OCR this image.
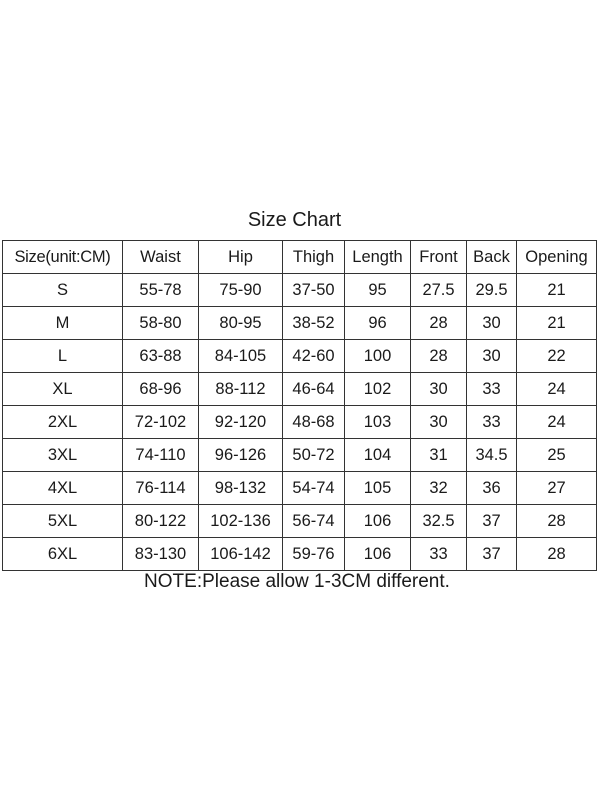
Size Chart
Size(unit:CM)	Waist	Hip	Thigh	Length	Front	Back	Opening
S	55-78	75-90	37-50	95	27.5	29.5	21
M	58-80	80-95	38-52	96	28	30	21
L	63-88	84-105	42-60	100	28	30	22
XL	68-96	88-112	46-64	102	30	33	24
2XL	72-102	92-120	48-68	103	30	33	24
3XL	74-110	96-126	50-72	104	31	34.5	25
4XL	76-114	98-132	54-74	105	32	36	27
5XL	80-122	102-136	56-74	106	32.5	37	28
6XL	83-130	106-142	59-76	106	33	37	28
NOTE:Please allow 1-3CM different.
